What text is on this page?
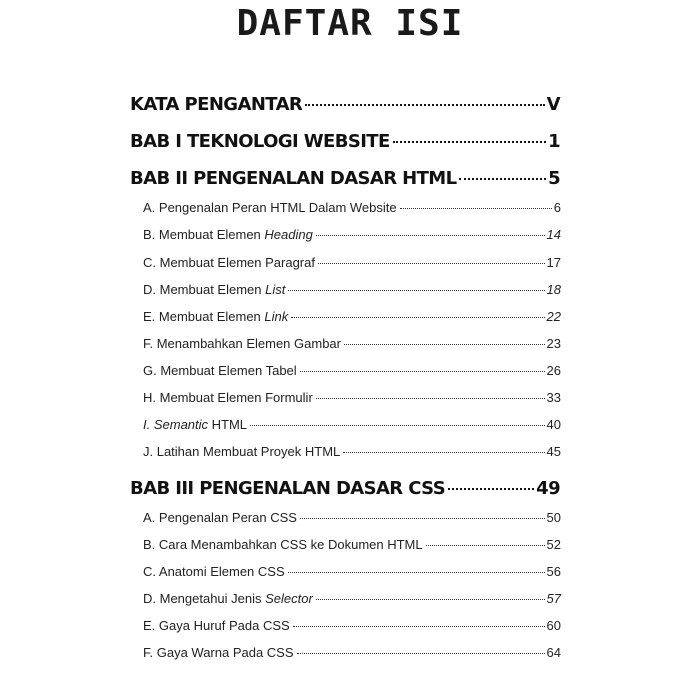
DAFTAR ISI
KATA PENGANTAR	V
BAB I TEKNOLOGI WEBSITE	1
BAB II PENGENALAN DASAR HTML	5
A. Pengenalan Peran HTML Dalam Website	6
B. Membuat Elemen Heading	14
C. Membuat Elemen Paragraf	17
D. Membuat Elemen List	18
E. Membuat Elemen Link	22
F. Menambahkan Elemen Gambar	23
G. Membuat Elemen Tabel	26
H. Membuat Elemen Formulir	33
I. Semantic HTML	40
J. Latihan Membuat Proyek HTML	45
BAB III PENGENALAN DASAR CSS	49
A. Pengenalan Peran CSS	50
B. Cara Menambahkan CSS ke Dokumen HTML	52
C. Anatomi Elemen CSS	56
D. Mengetahui Jenis Selector	57
E. Gaya Huruf Pada CSS	60
F. Gaya Warna Pada CSS	64
